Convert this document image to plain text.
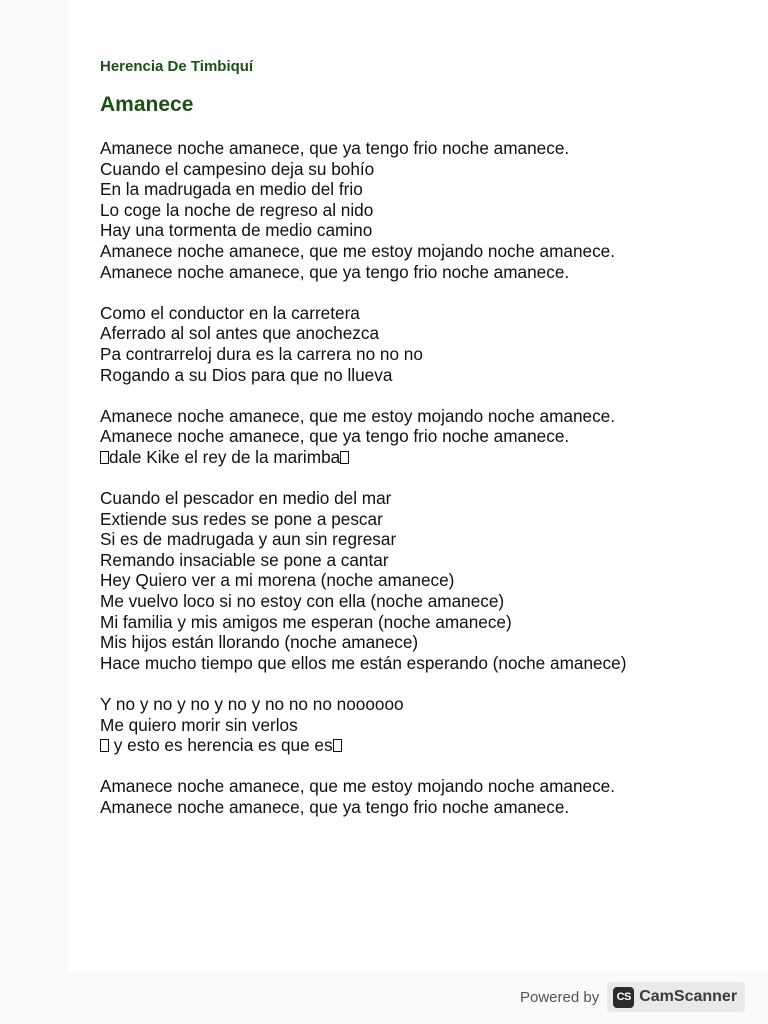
Herencia De Timbiquí
Amanece
Amanece noche amanece, que ya tengo frio noche amanece.
Cuando el campesino deja su bohío
En la madrugada en medio del frio
Lo coge la noche de regreso al nido
Hay una tormenta de medio camino
Amanece noche amanece, que me estoy mojando noche amanece.
Amanece noche amanece, que ya tengo frio noche amanece.
Como el conductor en la carretera
Aferrado al sol antes que anochezca
Pa contrarreloj dura es la carrera no no no
Rogando a su Dios para que no llueva
Amanece noche amanece, que me estoy mojando noche amanece.
Amanece noche amanece, que ya tengo frio noche amanece.
dale Kike el rey de la marimba
Cuando el pescador en medio del mar
Extiende sus redes se pone a pescar
Si es de madrugada y aun sin regresar
Remando insaciable se pone a cantar
Hey Quiero ver a mi morena (noche amanece)
Me vuelvo loco si no estoy con ella (noche amanece)
Mi familia y mis amigos me esperan (noche amanece)
Mis hijos están llorando (noche amanece)
Hace mucho tiempo que ellos me están esperando (noche amanece)
Y no y no y no y no y no no no noooooo
Me quiero morir sin verlos
y esto es herencia es que es
Amanece noche amanece, que me estoy mojando noche amanece.
Amanece noche amanece, que ya tengo frio noche amanece.
Powered by	CS CamScanner
